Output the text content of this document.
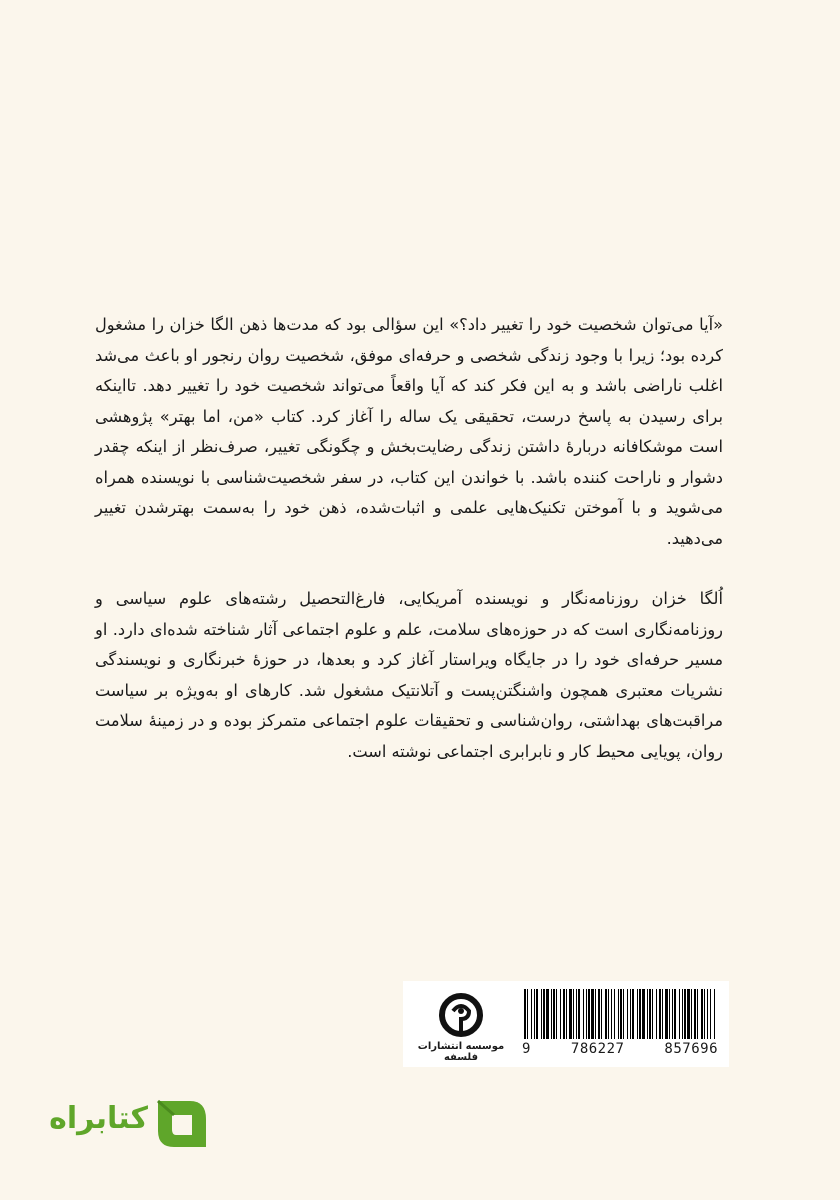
«آیا می‌توان شخصیت خود را تغییر داد؟» این سؤالی بود که مدت‌ها ذهن الگا خزان را مشغول کرده بود؛ زیرا با وجود زندگی شخصی و حرفه‌ای موفق، شخصیت روان رنجور او باعث می‌شد اغلب ناراضی باشد و به این فکر کند که آیا واقعاً می‌تواند شخصیت خود را تغییر دهد. تااینکه برای رسیدن به پاسخ درست، تحقیقی یک ساله را آغاز کرد. کتاب «من، اما بهتر» پژوهشی است موشکافانه دربارهٔ داشتن زندگی رضایت‌بخش و چگونگی تغییر، صرف‌نظر از اینکه چقدر دشوار و ناراحت کننده باشد. با خواندن این کتاب، در سفر شخصیت‌شناسی با نویسنده همراه می‌شوید و با آموختن تکنیک‌هایی علمی و اثبات‌شده، ذهن خود را به‌سمت بهترشدن تغییر می‌دهید.

اُلگا خزان روزنامه‌نگار و نویسنده آمریکایی، فارغ‌التحصیل رشته‌های علوم سیاسی و روزنامه‌نگاری است که در حوزه‌های سلامت، علم و علوم اجتماعی آثار شناخته شده‌ای دارد. او مسیر حرفه‌ای خود را در جایگاه ویراستار آغاز کرد و بعدها، در حوزهٔ خبرنگاری و نویسندگی نشریات معتبری همچون واشنگتن‌پست و آتلانتیک مشغول شد. کارهای او به‌ویژه بر سیاست مراقبت‌های بهداشتی، روان‌شناسی و تحقیقات علوم اجتماعی متمرکز بوده و در زمینهٔ سلامت روان، پویایی محیط کار و نابرابری اجتماعی نوشته است.

موسسه انتشارات فلسفه
9	786227	857696
کتابراه
